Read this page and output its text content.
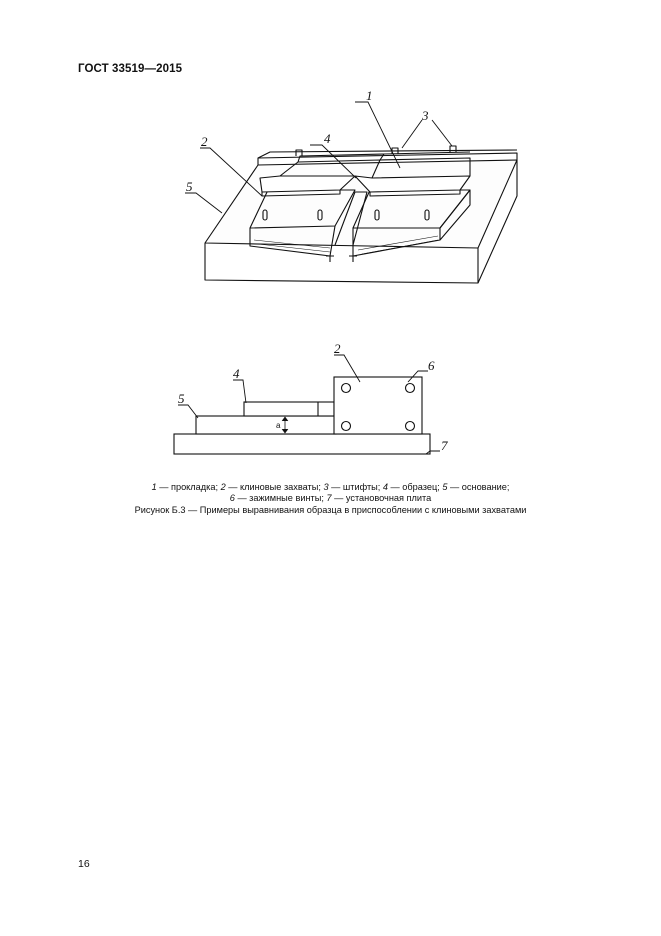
ГОСТ 33519—2015
1
3
4
2
5
2
6
4
5
7
a
1 — прокладка; 2 — клиновые захваты; 3 — штифты; 4 — образец; 5 — основание;
6 — зажимные винты; 7 — установочная плита
Рисунок Б.3 — Примеры выравнивания образца в приспособлении с клиновыми захватами
16
